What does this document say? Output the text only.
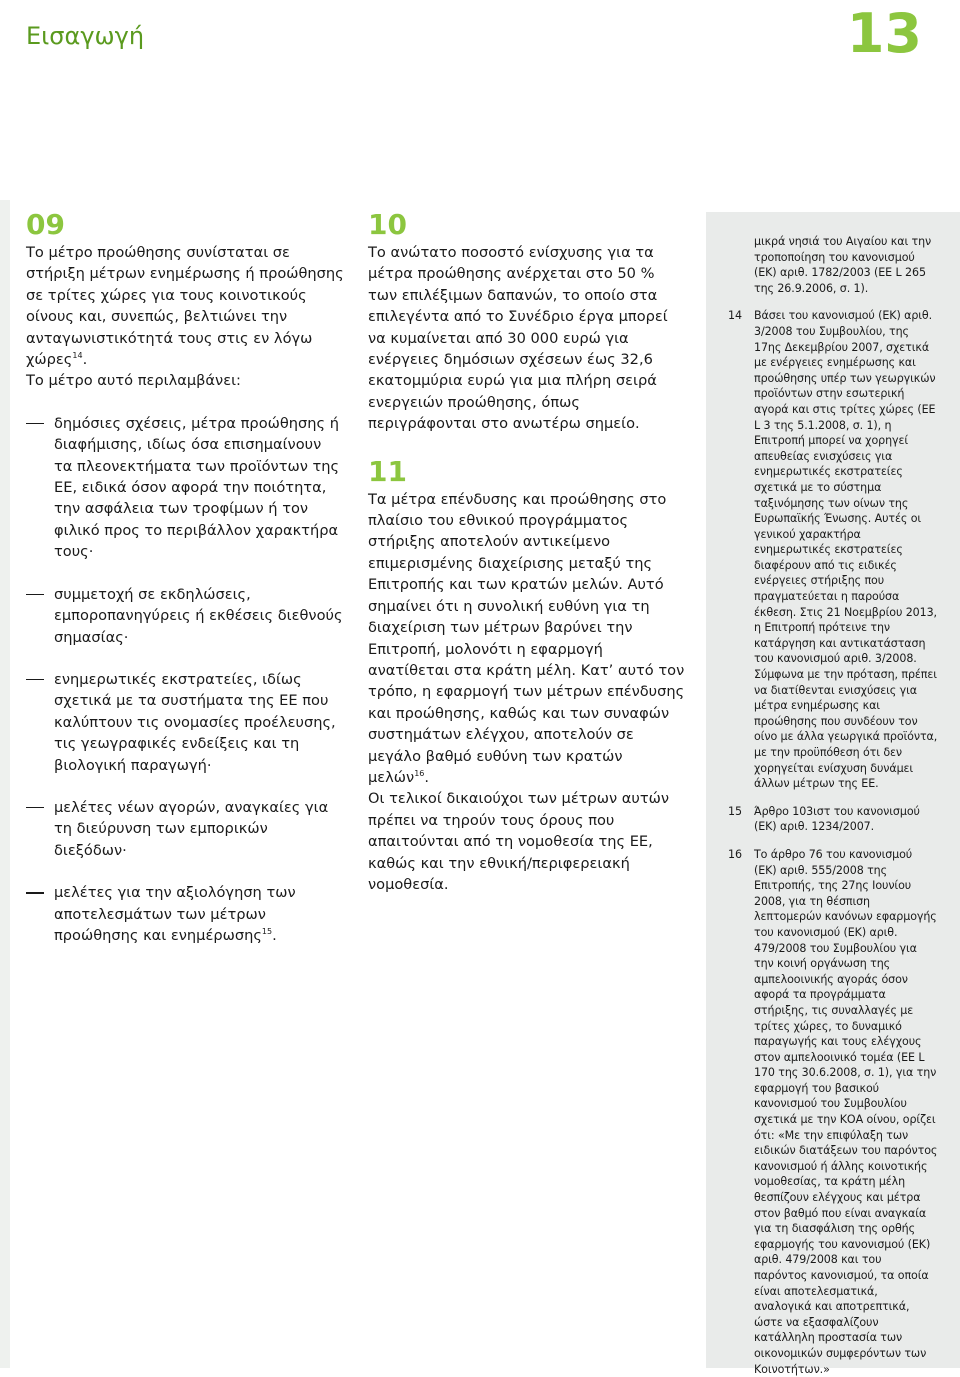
Εισαγωγή	13
09

Το μέτρο προώθησης συνίσταται σε στήριξη μέτρων ενημέρωσης ή προώθησης σε τρίτες χώρες για τους κοινοτικούς οίνους και, συνεπώς, βελτιώνει την ανταγωνιστικότητά τους στις εν λόγω χώρες$^{14}$.

Το μέτρο αυτό περιλαμβάνει:

δημόσιες σχέσεις, μέτρα προώθησης ή διαφήμισης, ιδίως όσα επισημαίνουν τα πλεονεκτήματα των προϊόντων της ΕΕ, ειδικά όσον αφορά την ποιότητα, την ασφάλεια των τροφίμων ή τον φιλικό προς το περιβάλλον χαρακτήρα τους·
συμμετοχή σε εκδηλώσεις, εμποροπανηγύρεις ή εκθέσεις διεθνούς σημασίας·
ενημερωτικές εκστρατείες, ιδίως σχετικά με τα συστήματα της ΕΕ που καλύπτουν τις ονομασίες προέλευσης, τις γεωγραφικές ενδείξεις και τη βιολογική παραγωγή·
μελέτες νέων αγορών, αναγκαίες για τη διεύρυνση των εμπορικών διεξόδων·
μελέτες για την αξιολόγηση των αποτελεσμάτων των μέτρων προώθησης και ενημέρωσης$^{15}$.
10

Το ανώτατο ποσοστό ενίσχυσης για τα μέτρα προώθησης ανέρχεται στο 50 % των επιλέξιμων δαπανών, το οποίο στα επιλεγέντα από το Συνέδριο έργα μπορεί να κυμαίνεται από 30 000 ευρώ για ενέργειες δημόσιων σχέσεων έως 32,6 εκατομμύρια ευρώ για μια πλήρη σειρά ενεργειών προώθησης, όπως περιγράφονται στο ανωτέρω σημείο.

11

Τα μέτρα επένδυσης και προώθησης στο πλαίσιο του εθνικού προγράμματος στήριξης αποτελούν αντικείμενο επιμερισμένης διαχείρισης μεταξύ της Επιτροπής και των κρατών μελών. Αυτό σημαίνει ότι η συνολική ευθύνη για τη διαχείριση των μέτρων βαρύνει την Επιτροπή, μολονότι η εφαρμογή ανατίθεται στα κράτη μέλη. Κατ’ αυτό τον τρόπο, η εφαρμογή των μέτρων επένδυσης και προώθησης, καθώς και των συναφών συστημάτων ελέγχου, αποτελούν σε μεγάλο βαθμό ευθύνη των κρατών μελών$^{16}$.

Οι τελικοί δικαιούχοι των μέτρων αυτών πρέπει να τηρούν τους όρους που απαιτούνται από τη νομοθεσία της ΕΕ, καθώς και την εθνική/περιφερειακή νομοθεσία.

μικρά νησιά του Αιγαίου και την τροποποίηση του κανονισμού (ΕΚ) αριθ. 1782/2003 (ΕΕ L 265 της 26.9.2006, σ. 1).
14	Βάσει του κανονισμού (ΕΚ) αριθ. 3/2008 του Συμβουλίου, της 17ης Δεκεμβρίου 2007, σχετικά με ενέργειες ενημέρωσης και προώθησης υπέρ των γεωργικών προϊόντων στην εσωτερική αγορά και στις τρίτες χώρες (ΕΕ L 3 της 5.1.2008, σ. 1), η Επιτροπή μπορεί να χορηγεί απευθείας ενισχύσεις για ενημερωτικές εκστρατείες σχετικά με το σύστημα ταξινόμησης των οίνων της Ευρωπαϊκής Ένωσης. Αυτές οι γενικού χαρακτήρα ενημερωτικές εκστρατείες διαφέρουν από τις ειδικές ενέργειες στήριξης που πραγματεύεται η παρούσα έκθεση. Στις 21 Νοεμβρίου 2013, η Επιτροπή πρότεινε την κατάργηση και αντικατάσταση του κανονισμού αριθ. 3/2008. Σύμφωνα με την πρόταση, πρέπει να διατίθενται ενισχύσεις για μέτρα ενημέρωσης και προώθησης που συνδέουν τον οίνο με άλλα γεωργικά προϊόντα, με την προϋπόθεση ότι δεν χορηγείται ενίσχυση δυνάμει άλλων μέτρων της ΕΕ.
15	Άρθρο 103ιστ του κανονισμού (ΕΚ) αριθ. 1234/2007.
16	Το άρθρο 76 του κανονισμού (ΕΚ) αριθ. 555/2008 της Επιτροπής, της 27ης Ιουνίου 2008, για τη θέσπιση λεπτομερών κανόνων εφαρμογής του κανονισμού (ΕΚ) αριθ. 479/2008 του Συμβουλίου για την κοινή οργάνωση της αμπελοοινικής αγοράς όσον αφορά τα προγράμματα στήριξης, τις συναλλαγές με τρίτες χώρες, το δυναμικό παραγωγής και τους ελέγχους στον αμπελοοινικό τομέα (ΕΕ L 170 της 30.6.2008, σ. 1), για την εφαρμογή του βασικού κανονισμού του Συμβουλίου σχετικά με την ΚΟΑ οίνου, ορίζει ότι: «Με την επιφύλαξη των ειδικών διατάξεων του παρόντος κανονισμού ή άλλης κοινοτικής νομοθεσίας, τα κράτη μέλη θεσπίζουν ελέγχους και μέτρα στον βαθμό που είναι αναγκαία για τη διασφάλιση της ορθής εφαρμογής του κανονισμού (ΕΚ) αριθ. 479/2008 και του παρόντος κανονισμού, τα οποία είναι αποτελεσματικά, αναλογικά και αποτρεπτικά, ώστε να εξασφαλίζουν κατάλληλη προστασία των οικονομικών συμφερόντων των Κοινοτήτων.»
